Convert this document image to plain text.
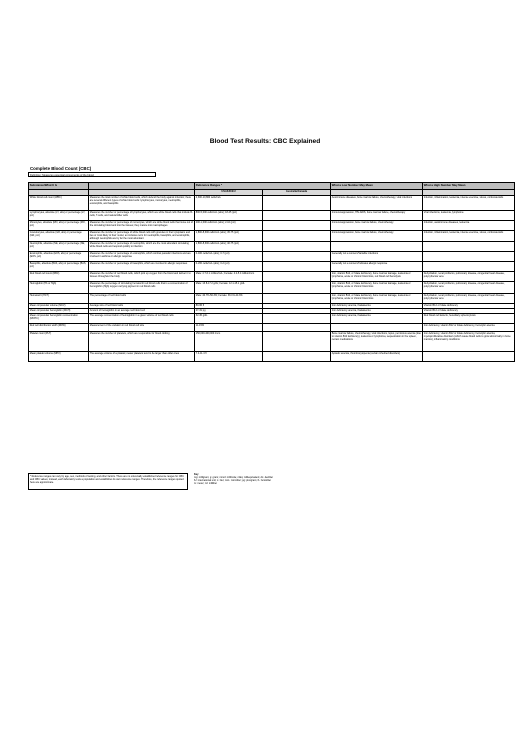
Blood Test Results: CBC Explained
Complete Blood Count (CBC)
Definition: Measures essential components of the blood
Substance/What It Is		Reference Ranges *		What a Low Number May Mean	What a High Number May Mean
		USA/UK/EU	Australia/Canada		
White blood cell count (WBC)	Measures the total number of white blood cells, which defend the body against infection; there are several different types of white blood cells: lymphocytes, monocytes, neutrophils, eosinophils, and basophils	4,300-10,800 cells/mcL		Autoimmune diseases, bone marrow failure, chemotherapy, viral infections	Infection, inflammation, leukemia, intense exercise, stress, corticosteroids
Lymphocytes, absolute (LY, abs) or percentage (LY, pct)	Measures the number or percentage of lymphocytes, which are white blood cells that include B-cells, T-cells, and natural killer cells	800-5,000 cells/mcL (abs); 18-45 (pct)		Immunosuppression, HIV-AIDS, bone marrow failure, chemotherapy	Viral infections, leukemia, lymphoma
Monocytes, absolute (MO, abs) or percentage (MO, pct)	Measures the number or percentage of monocytes, which are white blood cells that move out of the circulating blood and into the tissues; they mature into macrophages	200-1,000 cells/mcL (abs); 2-10 (pct)		Immunosuppression, bone marrow failure, chemotherapy	Infection, autoimmune diseases, leukemia
Granulocytes, absolute (GR, abs) or percentage (GR, pct)	Measures the number or percentage of white blood cells with granules in their cytoplasm and lies or most likely to their nuclei; an inclusive term for neutrophils, basophils, and eosinophils, although neutrophils are by far the most abundant	1,800-8,300 cells/mcL (abs); 45-75 (pct)		Immunosuppression, bone marrow failure, chemotherapy	Infection, inflammation, leukemia, intense exercise, stress, corticosteroids
Neutrophils, absolute (NE, abs) or percentage (NE, pct)	Measures the number or percentage of neutrophils, which are the most abundant circulating white blood cells and respond quickly to infection	1,800-8,300 cells/mcL (abs); 40-75 (pct)			
Eosinophils, absolute (EOS, abs) or percentage (EOS, pct)	Measures the number or percentage of eosinophils, which combat parasitic infections and are involved in asthma or allergic response	0-400 cells/mcL (abs); 0-7 (pct)		Generally not a concern/Variable infections	
Basophils, absolute (BAS, abs) or percentage (BAS, pct)	Measures the number or percentage of basophils, which are involved in allergic responses	0-200 cells/mcL (abs); 0-2 (pct)		Generally not a concern/Indicates allergic response	
Red blood cell count (RBC)	Measures the number of red blood cells, which pick up oxygen from the blood and deliver it to tissues throughout the body	Male: 4.7-6.1 million/mcL; Female: 4.2-5.4 million/mcL		Iron, vitamin B12, or folate deficiency, bone marrow damage, leukemia or lymphoma, acute or chronic blood loss, red blood cell hemolysis	Dehydration, renal problems, pulmonary disease, congenital heart disease, polycythemia vera
Hemoglobin (Hb or Hgb)	Measures the percentage of circulating hematocrit red blood cells that is a concentration of hemoglobin (Hgb) oxygen carrying pigment in red blood cells	Male: 13.8-17.2 g/dL; Female: 12.1-15.1 g/dL		Iron, vitamin B12, or folate deficiency, bone marrow damage, leukemia or lymphoma, acute or chronic blood loss	Dehydration, renal problems, pulmonary disease, congenital heart disease, polycythemia vera
Hematocrit (HCT)	The percentage of red blood cells	Male: 40.7%-50.3%; Female: 36.1%-44.3%		Iron, vitamin B12, or folate deficiency, bone marrow damage, leukemia or lymphoma, acute or chronic blood loss	Dehydration, renal problems, pulmonary disease, congenital heart disease, polycythemia vera
Mean corpuscular volume (MCV)	Average size of red blood cells	80-95 fl		Iron deficiency anemia, thalassemia	Vitamin B12 or folate deficiency
Mean corpuscular hemoglobin (MCH)	Amount of hemoglobin in an average red blood cell	27-31 pg		Iron deficiency anemia, thalassemia	Vitamin B12 or folate deficiency
Mean corpuscular hemoglobin concentration (MCHC)	The average concentration of hemoglobin in a given volume of red blood cells	32-36 g/dL		Iron deficiency anemia, thalassemia	Red blood cell defects, hereditary spherocytosis
Red cell distribution width (RDW)	Measurement of the variation in red blood cell size	11-15%			Iron deficiency, vitamin B12 or folate deficiency, hemolytic anemia
Platelet count (PLT)	Measures the number of platelets, which are responsible for blood clotting	150,000-400,000 /mcL		Bone marrow failure, chemotherapy, viral infections, lupus, pernicious anemia (due to vitamin B12 deficiency), leukemia or lymphoma, sequestration in the spleen, certain medications	Iron deficiency, vitamin B12 or folate deficiency, hemolytic anemia, myeloproliferative disorders (which cause blood cells to grow abnormally in bone marrow), inflammatory conditions
Mean platelet volume (MPV)	The average volume of a platelet; newer platelets tend to be larger than older ones	7.4-11.4 fl		Aplastic anemia, thrombocytopenia (certain inherited disorders)	
* Reference ranges can vary by age, sex, methods of testing, and other factors. There are no universally established reference ranges for CBC and CBC values; instead, each laboratory tests a population and establishes its own reference ranges. Therefore, the reference ranges quoted here are approximate.
Key
mg: milligram; g: gram; mmol: millimole; mEq: milliequivalent; dL: deciliter
IU: international unit; L: liter; mcL: microliter; pg: picogram; fL: femtoliter
m: meter; ml: milliliter
